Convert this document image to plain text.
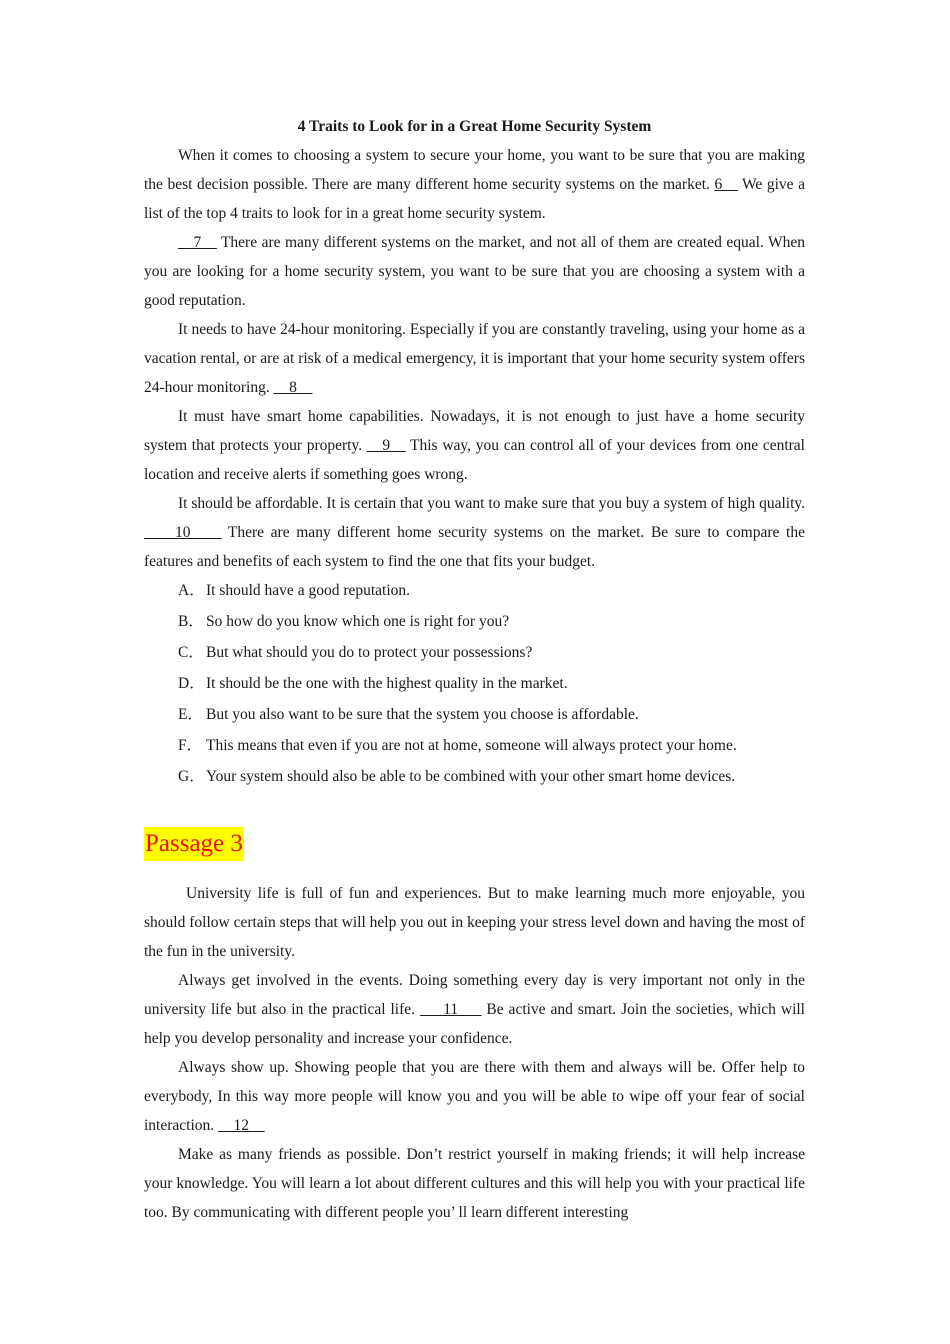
4 Traits to Look for in a Great Home Security System

When it comes to choosing a system to secure your home, you want to be sure that you are making the best decision possible. There are many different home security systems on the market. 6__ We give a list of the top 4 traits to look for in a great home security system.

__7__ There are many different systems on the market, and not all of them are created equal. When you are looking for a home security system, you want to be sure that you are choosing a system with a good reputation.

It needs to have 24-hour monitoring. Especially if you are constantly traveling, using your home as a vacation rental, or are at risk of a medical emergency, it is important that your home security system offers 24-hour monitoring. __8__

It must have smart home capabilities. Nowadays, it is not enough to just have a home security system that protects your property. __9__ This way, you can control all of your devices from one central location and receive alerts if something goes wrong.

It should be affordable. It is certain that you want to make sure that you buy a system of high quality. ____10____ There are many different home security systems on the market. Be sure to compare the features and benefits of each system to find the one that fits your budget.

A．It should have a good reputation.

B． So how do you know which one is right for you?

C． But what should you do to protect your possessions?

D．It should be the one with the highest quality in the market.

E． But you also want to be sure that the system you choose is affordable.

F． This means that even if you are not at home, someone will always protect your home.

G．Your system should also be able to be combined with your other smart home devices.

Passage 3

University life is full of fun and experiences. But to make learning much more enjoyable, you should follow certain steps that will help you out in keeping your stress level down and having the most of the fun in the university.

Always get involved in the events. Doing something every day is very important not only in the university life but also in the practical life. ___11___ Be active and smart. Join the societies, which will help you develop personality and increase your confidence.

Always show up. Showing people that you are there with them and always will be. Offer help to everybody, In this way more people will know you and you will be able to wipe off your fear of social interaction. __12__

Make as many friends as possible. Don’t restrict yourself in making friends; it will help increase your knowledge. You will learn a lot about different cultures and this will help you with your practical life too. By communicating with different people you’ ll learn different interesting
